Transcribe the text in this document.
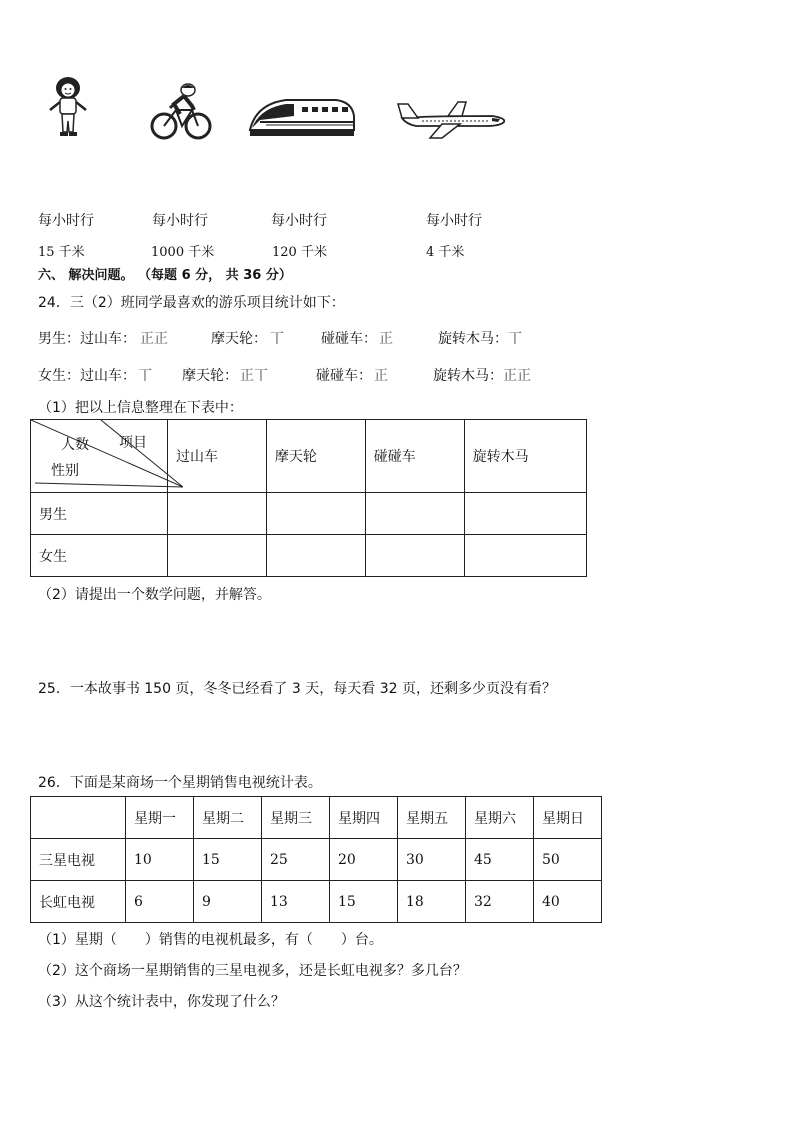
每小时行	每小时行	每小时行	每小时行
15 千米	1000 千米	120 千米	4 千米
六、 解决问题。 （每题 6 分， 共 36 分）
24．三（2）班同学最喜欢的游乐项目统计如下：
男生： 过山车： 正正	摩天轮： 丅	碰碰车： 正	旋转木马： 丅
女生： 过山车： 丅 摩天轮： 正丅	碰碰车： 正	旋转木马： 正正
（1）把以上信息整理在下表中：
人数 项目
性别	过山车	摩天轮	碰碰车	旋转木马
男生				
女生				
（2）请提出一个数学问题，并解答。
25．一本故事书 150 页，冬冬已经看了 3 天，每天看 32 页，还剩多少页没有看？
26．下面是某商场一个星期销售电视统计表。
	星期一	星期二	星期三	星期四	星期五	星期六	星期日
三星电视	10	15	25	20	30	45	50
长虹电视	6	9	13	15	18	32	40
（1）星期（　　）销售的电视机最多，有（　　）台。
（2）这个商场一星期销售的三星电视多，还是长虹电视多？多几台？
（3）从这个统计表中，你发现了什么？
